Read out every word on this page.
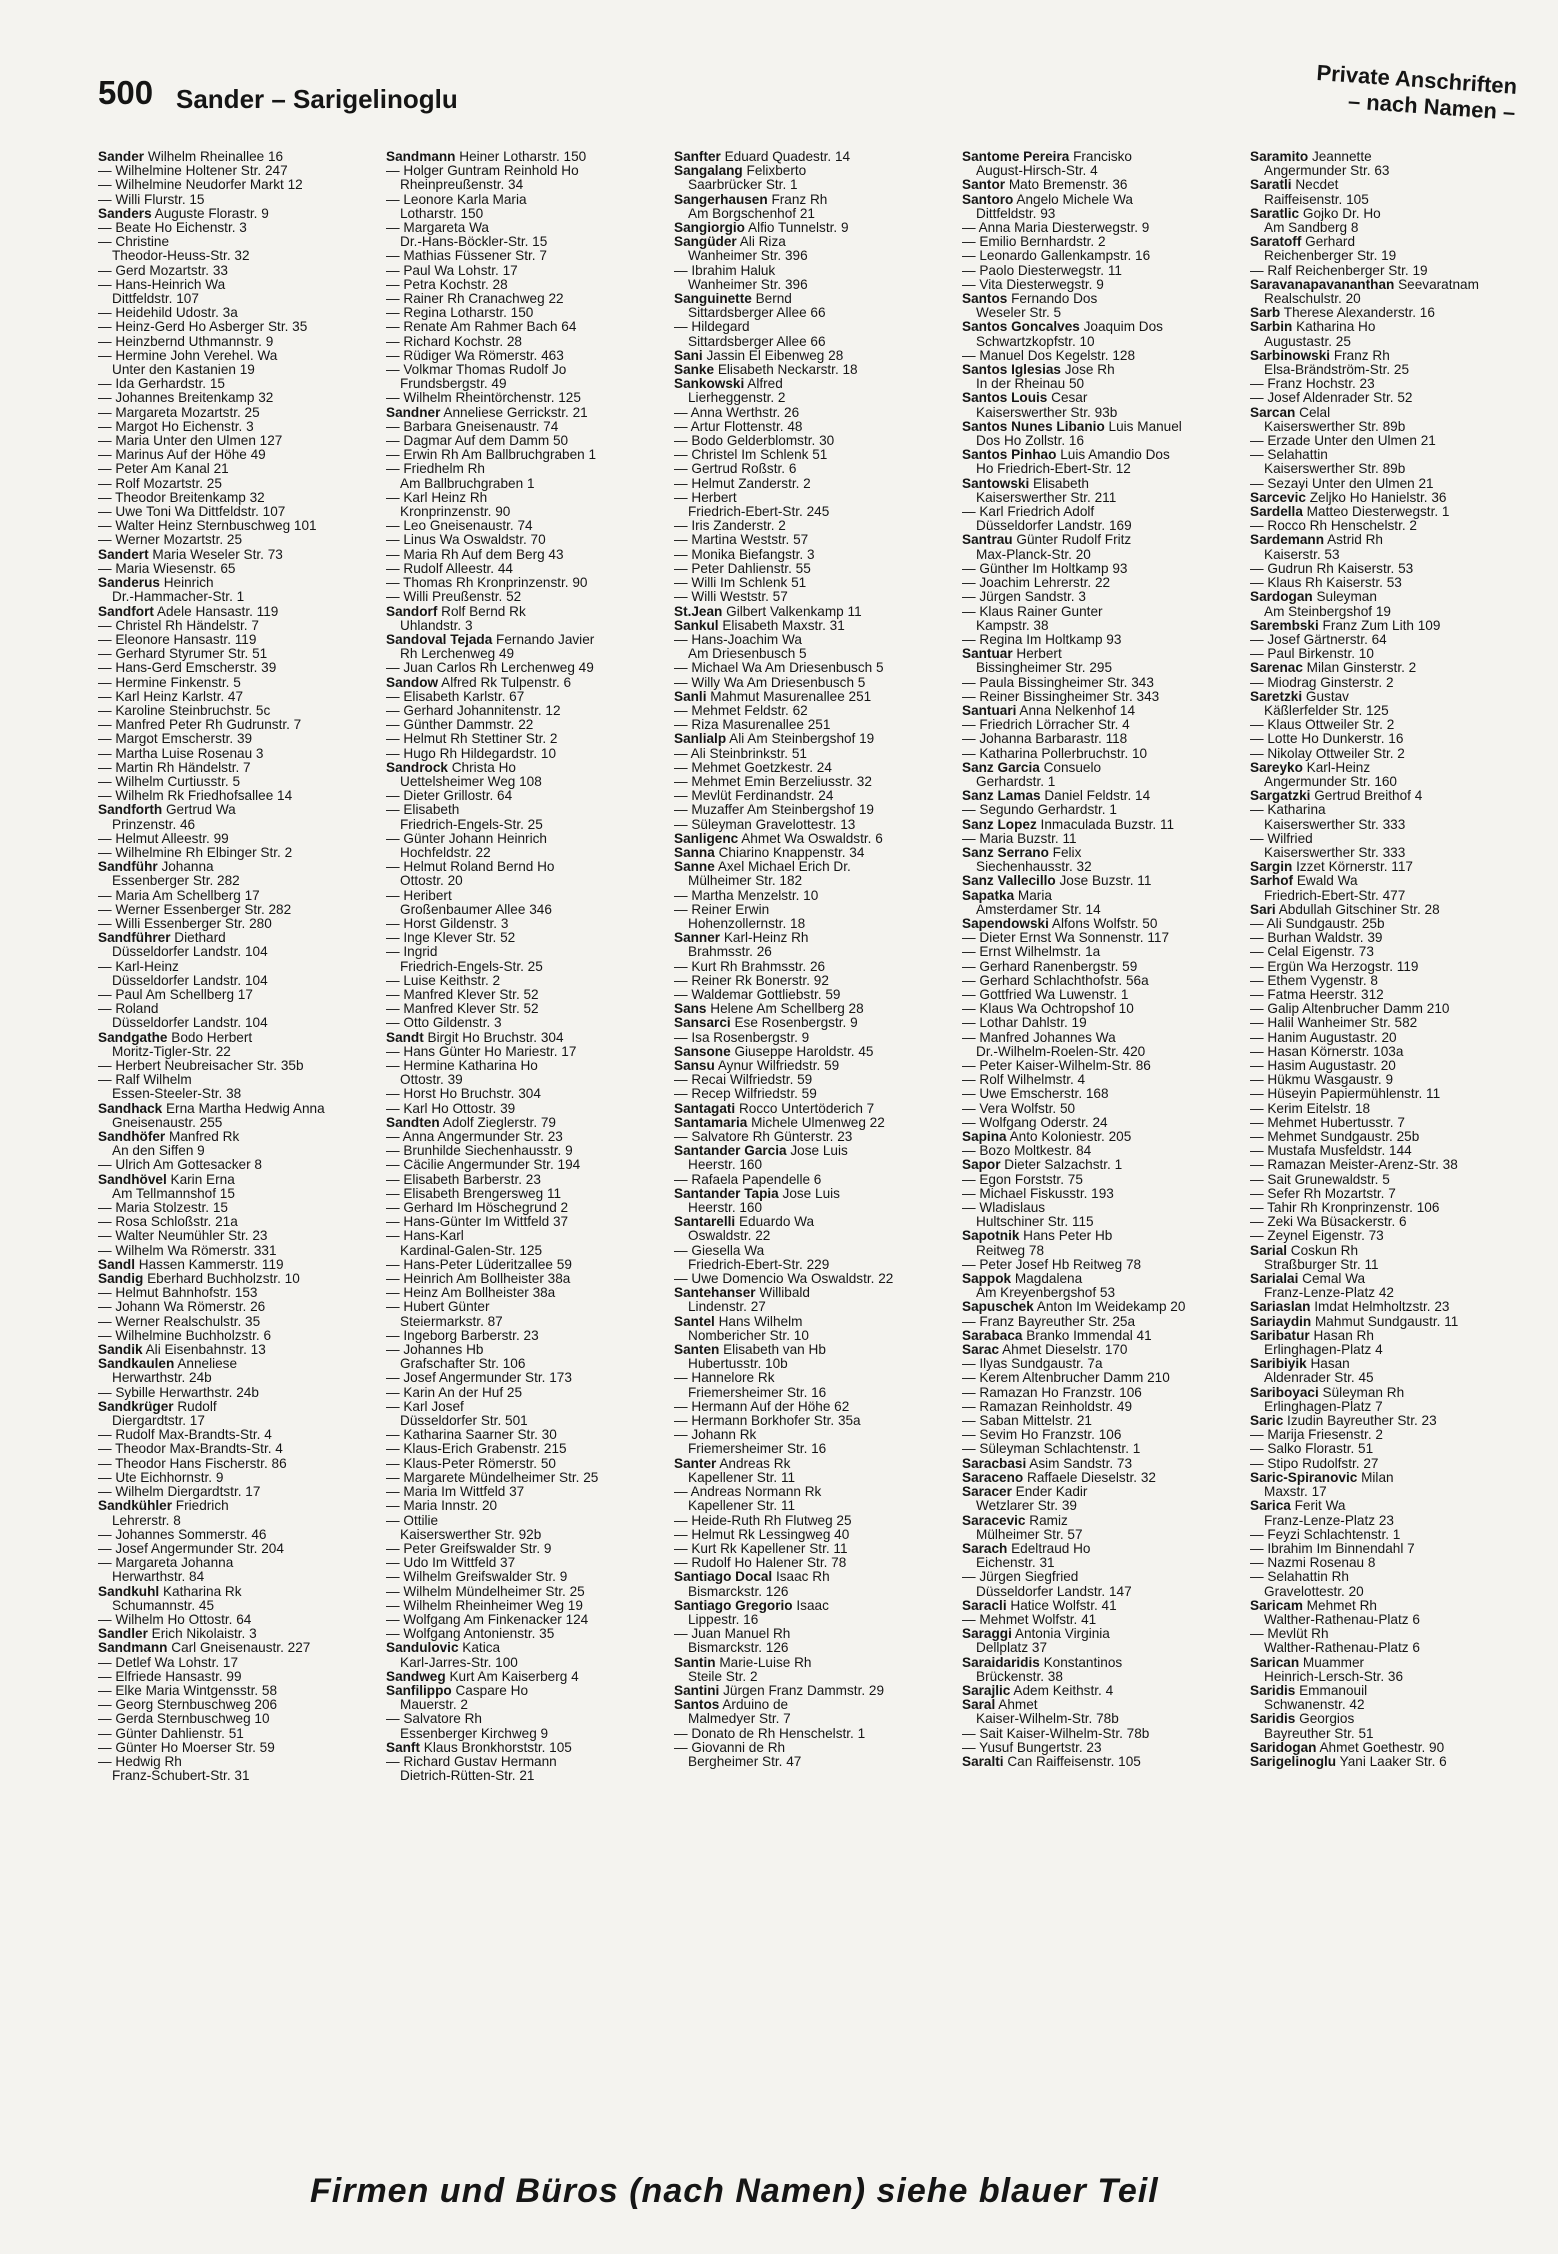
500 Sander – Sarigelinoglu
Private Anschriften
– nach Namen –
Sander Wilhelm Rheinallee 16
— Wilhelmine Holtener Str. 247
— Wilhelmine Neudorfer Markt 12
— Willi Flurstr. 15
Sanders Auguste Florastr. 9
— Beate Ho Eichenstr. 3
— Christine
Theodor-Heuss-Str. 32
— Gerd Mozartstr. 33
— Hans-Heinrich Wa
Dittfeldstr. 107
— Heidehild Udostr. 3a
— Heinz-Gerd Ho Asberger Str. 35
— Heinzbernd Uthmannstr. 9
— Hermine John Verehel. Wa
Unter den Kastanien 19
— Ida Gerhardstr. 15
— Johannes Breitenkamp 32
— Margareta Mozartstr. 25
— Margot Ho Eichenstr. 3
— Maria Unter den Ulmen 127
— Marinus Auf der Höhe 49
— Peter Am Kanal 21
— Rolf Mozartstr. 25
— Theodor Breitenkamp 32
— Uwe Toni Wa Dittfeldstr. 107
— Walter Heinz Sternbuschweg 101
— Werner Mozartstr. 25
Sandert Maria Weseler Str. 73
— Maria Wiesenstr. 65
Sanderus Heinrich
Dr.-Hammacher-Str. 1
Sandfort Adele Hansastr. 119
— Christel Rh Händelstr. 7
— Eleonore Hansastr. 119
— Gerhard Styrumer Str. 51
— Hans-Gerd Emscherstr. 39
— Hermine Finkenstr. 5
— Karl Heinz Karlstr. 47
— Karoline Steinbruchstr. 5c
— Manfred Peter Rh Gudrunstr. 7
— Margot Emscherstr. 39
— Martha Luise Rosenau 3
— Martin Rh Händelstr. 7
— Wilhelm Curtiusstr. 5
— Wilhelm Rk Friedhofsallee 14
Sandforth Gertrud Wa
Prinzenstr. 46
— Helmut Alleestr. 99
— Wilhelmine Rh Elbinger Str. 2
Sandführ Johanna
Essenberger Str. 282
— Maria Am Schellberg 17
— Werner Essenberger Str. 282
— Willi Essenberger Str. 280
Sandführer Diethard
Düsseldorfer Landstr. 104
— Karl-Heinz
Düsseldorfer Landstr. 104
— Paul Am Schellberg 17
— Roland
Düsseldorfer Landstr. 104
Sandgathe Bodo Herbert
Moritz-Tigler-Str. 22
— Herbert Neubreisacher Str. 35b
— Ralf Wilhelm
Essen-Steeler-Str. 38
Sandhack Erna Martha Hedwig Anna
Gneisenaustr. 255
Sandhöfer Manfred Rk
An den Siffen 9
— Ulrich Am Gottesacker 8
Sandhövel Karin Erna
Am Tellmannshof 15
— Maria Stolzestr. 15
— Rosa Schloßstr. 21a
— Walter Neumühler Str. 23
— Wilhelm Wa Römerstr. 331
Sandl Hassen Kammerstr. 119
Sandig Eberhard Buchholzstr. 10
— Helmut Bahnhofstr. 153
— Johann Wa Römerstr. 26
— Werner Realschulstr. 35
— Wilhelmine Buchholzstr. 6
Sandik Ali Eisenbahnstr. 13
Sandkaulen Anneliese
Herwarthstr. 24b
— Sybille Herwarthstr. 24b
Sandkrüger Rudolf
Diergardtstr. 17
— Rudolf Max-Brandts-Str. 4
— Theodor Max-Brandts-Str. 4
— Theodor Hans Fischerstr. 86
— Ute Eichhornstr. 9
— Wilhelm Diergardtstr. 17
Sandkühler Friedrich
Lehrerstr. 8
— Johannes Sommerstr. 46
— Josef Angermunder Str. 204
— Margareta Johanna
Herwarthstr. 84
Sandkuhl Katharina Rk
Schumannstr. 45
— Wilhelm Ho Ottostr. 64
Sandler Erich Nikolaistr. 3
Sandmann Carl Gneisenaustr. 227
— Detlef Wa Lohstr. 17
— Elfriede Hansastr. 99
— Elke Maria Wintgensstr. 58
— Georg Sternbuschweg 206
— Gerda Sternbuschweg 10
— Günter Dahlienstr. 51
— Günter Ho Moerser Str. 59
— Hedwig Rh
Franz-Schubert-Str. 31
Sandmann Heiner Lotharstr. 150
— Holger Guntram Reinhold Ho
Rheinpreußenstr. 34
— Leonore Karla Maria
Lotharstr. 150
— Margareta Wa
Dr.-Hans-Böckler-Str. 15
— Mathias Füssener Str. 7
— Paul Wa Lohstr. 17
— Petra Kochstr. 28
— Rainer Rh Cranachweg 22
— Regina Lotharstr. 150
— Renate Am Rahmer Bach 64
— Richard Kochstr. 28
— Rüdiger Wa Römerstr. 463
— Volkmar Thomas Rudolf Jo
Frundsbergstr. 49
— Wilhelm Rheintörchenstr. 125
Sandner Anneliese Gerrickstr. 21
— Barbara Gneisenaustr. 74
— Dagmar Auf dem Damm 50
— Erwin Rh Am Ballbruchgraben 1
— Friedhelm Rh
Am Ballbruchgraben 1
— Karl Heinz Rh
Kronprinzenstr. 90
— Leo Gneisenaustr. 74
— Linus Wa Oswaldstr. 70
— Maria Rh Auf dem Berg 43
— Rudolf Alleestr. 44
— Thomas Rh Kronprinzenstr. 90
— Willi Preußenstr. 52
Sandorf Rolf Bernd Rk
Uhlandstr. 3
Sandoval Tejada Fernando Javier
Rh Lerchenweg 49
— Juan Carlos Rh Lerchenweg 49
Sandow Alfred Rk Tulpenstr. 6
— Elisabeth Karlstr. 67
— Gerhard Johannitenstr. 12
— Günther Dammstr. 22
— Helmut Rh Stettiner Str. 2
— Hugo Rh Hildegardstr. 10
Sandrock Christa Ho
Uettelsheimer Weg 108
— Dieter Grillostr. 64
— Elisabeth
Friedrich-Engels-Str. 25
— Günter Johann Heinrich
Hochfeldstr. 22
— Helmut Roland Bernd Ho
Ottostr. 20
— Heribert
Großenbaumer Allee 346
— Horst Gildenstr. 3
— Inge Klever Str. 52
— Ingrid
Friedrich-Engels-Str. 25
— Luise Keithstr. 2
— Manfred Klever Str. 52
— Manfred Klever Str. 52
— Otto Gildenstr. 3
Sandt Birgit Ho Bruchstr. 304
— Hans Günter Ho Mariestr. 17
— Hermine Katharina Ho
Ottostr. 39
— Horst Ho Bruchstr. 304
— Karl Ho Ottostr. 39
Sandten Adolf Zieglerstr. 79
— Anna Angermunder Str. 23
— Brunhilde Siechenhausstr. 9
— Cäcilie Angermunder Str. 194
— Elisabeth Barberstr. 23
— Elisabeth Brengersweg 11
— Gerhard Im Höschegrund 2
— Hans-Günter Im Wittfeld 37
— Hans-Karl
Kardinal-Galen-Str. 125
— Hans-Peter Lüderitzallee 59
— Heinrich Am Bollheister 38a
— Heinz Am Bollheister 38a
— Hubert Günter
Steiermarkstr. 87
— Ingeborg Barberstr. 23
— Johannes Hb
Grafschafter Str. 106
— Josef Angermunder Str. 173
— Karin An der Huf 25
— Karl Josef
Düsseldorfer Str. 501
— Katharina Saarner Str. 30
— Klaus-Erich Grabenstr. 215
— Klaus-Peter Römerstr. 50
— Margarete Mündelheimer Str. 25
— Maria Im Wittfeld 37
— Maria Innstr. 20
— Ottilie
Kaiserswerther Str. 92b
— Peter Greifswalder Str. 9
— Udo Im Wittfeld 37
— Wilhelm Greifswalder Str. 9
— Wilhelm Mündelheimer Str. 25
— Wilhelm Rheinheimer Weg 19
— Wolfgang Am Finkenacker 124
— Wolfgang Antonienstr. 35
Sandulovic Katica
Karl-Jarres-Str. 100
Sandweg Kurt Am Kaiserberg 4
Sanfilippo Caspare Ho
Mauerstr. 2
— Salvatore Rh
Essenberger Kirchweg 9
Sanft Klaus Bronkhorststr. 105
— Richard Gustav Hermann
Dietrich-Rütten-Str. 21
Sanfter Eduard Quadestr. 14
Sangalang Felixberto
Saarbrücker Str. 1
Sangerhausen Franz Rh
Am Borgschenhof 21
Sangiorgio Alfio Tunnelstr. 9
Sangüder Ali Riza
Wanheimer Str. 396
— Ibrahim Haluk
Wanheimer Str. 396
Sanguinette Bernd
Sittardsberger Allee 66
— Hildegard
Sittardsberger Allee 66
Sani Jassin El Eibenweg 28
Sanke Elisabeth Neckarstr. 18
Sankowski Alfred
Lierheggenstr. 2
— Anna Werthstr. 26
— Artur Flottenstr. 48
— Bodo Gelderblomstr. 30
— Christel Im Schlenk 51
— Gertrud Roßstr. 6
— Helmut Zanderstr. 2
— Herbert
Friedrich-Ebert-Str. 245
— Iris Zanderstr. 2
— Martina Weststr. 57
— Monika Biefangstr. 3
— Peter Dahlienstr. 55
— Willi Im Schlenk 51
— Willi Weststr. 57
St.Jean Gilbert Valkenkamp 11
Sankul Elisabeth Maxstr. 31
— Hans-Joachim Wa
Am Driesenbusch 5
— Michael Wa Am Driesenbusch 5
— Willy Wa Am Driesenbusch 5
Sanli Mahmut Masurenallee 251
— Mehmet Feldstr. 62
— Riza Masurenallee 251
Sanlialp Ali Am Steinbergshof 19
— Ali Steinbrinkstr. 51
— Mehmet Goetzkestr. 24
— Mehmet Emin Berzeliusstr. 32
— Mevlüt Ferdinandstr. 24
— Muzaffer Am Steinbergshof 19
— Süleyman Gravelottestr. 13
Sanligenc Ahmet Wa Oswaldstr. 6
Sanna Chiarino Knappenstr. 34
Sanne Axel Michael Erich Dr.
Mülheimer Str. 182
— Martha Menzelstr. 10
— Reiner Erwin
Hohenzollernstr. 18
Sanner Karl-Heinz Rh
Brahmsstr. 26
— Kurt Rh Brahmsstr. 26
— Reiner Rk Bonerstr. 92
— Waldemar Gottliebstr. 59
Sans Helene Am Schellberg 28
Sansarci Ese Rosenbergstr. 9
— Isa Rosenbergstr. 9
Sansone Giuseppe Haroldstr. 45
Sansu Aynur Wilfriedstr. 59
— Recai Wilfriedstr. 59
— Recep Wilfriedstr. 59
Santagati Rocco Untertöderich 7
Santamaria Michele Ulmenweg 22
— Salvatore Rh Günterstr. 23
Santander Garcia Jose Luis
Heerstr. 160
— Rafaela Papendelle 6
Santander Tapia Jose Luis
Heerstr. 160
Santarelli Eduardo Wa
Oswaldstr. 22
— Giesella Wa
Friedrich-Ebert-Str. 229
— Uwe Domencio Wa Oswaldstr. 22
Santehanser Willibald
Lindenstr. 27
Santel Hans Wilhelm
Nombericher Str. 10
Santen Elisabeth van Hb
Hubertusstr. 10b
— Hannelore Rk
Friemersheimer Str. 16
— Hermann Auf der Höhe 62
— Hermann Borkhofer Str. 35a
— Johann Rk
Friemersheimer Str. 16
Santer Andreas Rk
Kapellener Str. 11
— Andreas Normann Rk
Kapellener Str. 11
— Heide-Ruth Rh Flutweg 25
— Helmut Rk Lessingweg 40
— Kurt Rk Kapellener Str. 11
— Rudolf Ho Halener Str. 78
Santiago Docal Isaac Rh
Bismarckstr. 126
Santiago Gregorio Isaac
Lippestr. 16
— Juan Manuel Rh
Bismarckstr. 126
Santin Marie-Luise Rh
Steile Str. 2
Santini Jürgen Franz Dammstr. 29
Santos Arduino de
Malmedyer Str. 7
— Donato de Rh Henschelstr. 1
— Giovanni de Rh
Bergheimer Str. 47
Santome Pereira Francisko
August-Hirsch-Str. 4
Santor Mato Bremenstr. 36
Santoro Angelo Michele Wa
Dittfeldstr. 93
— Anna Maria Diesterwegstr. 9
— Emilio Bernhardstr. 2
— Leonardo Gallenkampstr. 16
— Paolo Diesterwegstr. 11
— Vita Diesterwegstr. 9
Santos Fernando Dos
Weseler Str. 5
Santos Goncalves Joaquim Dos
Schwartzkopfstr. 10
— Manuel Dos Kegelstr. 128
Santos Iglesias Jose Rh
In der Rheinau 50
Santos Louis Cesar
Kaiserswerther Str. 93b
Santos Nunes Libanio Luis Manuel
Dos Ho Zollstr. 16
Santos Pinhao Luis Amandio Dos
Ho Friedrich-Ebert-Str. 12
Santowski Elisabeth
Kaiserswerther Str. 211
— Karl Friedrich Adolf
Düsseldorfer Landstr. 169
Santrau Günter Rudolf Fritz
Max-Planck-Str. 20
— Günther Im Holtkamp 93
— Joachim Lehrerstr. 22
— Jürgen Sandstr. 3
— Klaus Rainer Gunter
Kampstr. 38
— Regina Im Holtkamp 93
Santuar Herbert
Bissingheimer Str. 295
— Paula Bissingheimer Str. 343
— Reiner Bissingheimer Str. 343
Santuari Anna Nelkenhof 14
— Friedrich Lörracher Str. 4
— Johanna Barbarastr. 118
— Katharina Pollerbruchstr. 10
Sanz Garcia Consuelo
Gerhardstr. 1
Sanz Lamas Daniel Feldstr. 14
— Segundo Gerhardstr. 1
Sanz Lopez Inmaculada Buzstr. 11
— Maria Buzstr. 11
Sanz Serrano Felix
Siechenhausstr. 32
Sanz Vallecillo Jose Buzstr. 11
Sapatka Maria
Amsterdamer Str. 14
Sapendowski Alfons Wolfstr. 50
— Dieter Ernst Wa Sonnenstr. 117
— Ernst Wilhelmstr. 1a
— Gerhard Ranenbergstr. 59
— Gerhard Schlachthofstr. 56a
— Gottfried Wa Luwenstr. 1
— Klaus Wa Ochtropshof 10
— Lothar Dahlstr. 19
— Manfred Johannes Wa
Dr.-Wilhelm-Roelen-Str. 420
— Peter Kaiser-Wilhelm-Str. 86
— Rolf Wilhelmstr. 4
— Uwe Emscherstr. 168
— Vera Wolfstr. 50
— Wolfgang Oderstr. 24
Sapina Anto Koloniestr. 205
— Bozo Moltkestr. 84
Sapor Dieter Salzachstr. 1
— Egon Forststr. 75
— Michael Fiskusstr. 193
— Wladislaus
Hultschiner Str. 115
Sapotnik Hans Peter Hb
Reitweg 78
— Peter Josef Hb Reitweg 78
Sappok Magdalena
Am Kreyenbergshof 53
Sapuschek Anton Im Weidekamp 20
— Franz Bayreuther Str. 25a
Sarabaca Branko Immendal 41
Sarac Ahmet Dieselstr. 170
— Ilyas Sundgaustr. 7a
— Kerem Altenbrucher Damm 210
— Ramazan Ho Franzstr. 106
— Ramazan Reinholdstr. 49
— Saban Mittelstr. 21
— Sevim Ho Franzstr. 106
— Süleyman Schlachtenstr. 1
Saracbasi Asim Sandstr. 73
Saraceno Raffaele Dieselstr. 32
Saracer Ender Kadir
Wetzlarer Str. 39
Saracevic Ramiz
Mülheimer Str. 57
Sarach Edeltraud Ho
Eichenstr. 31
— Jürgen Siegfried
Düsseldorfer Landstr. 147
Saracli Hatice Wolfstr. 41
— Mehmet Wolfstr. 41
Saraggi Antonia Virginia
Dellplatz 37
Saraidaridis Konstantinos
Brückenstr. 38
Sarajlic Adem Keithstr. 4
Saral Ahmet
Kaiser-Wilhelm-Str. 78b
— Sait Kaiser-Wilhelm-Str. 78b
— Yusuf Bungertstr. 23
Saralti Can Raiffeisenstr. 105
Saramito Jeannette
Angermunder Str. 63
Saratli Necdet
Raiffeisenstr. 105
Saratlic Gojko Dr. Ho
Am Sandberg 8
Saratoff Gerhard
Reichenberger Str. 19
— Ralf Reichenberger Str. 19
Saravanapavananthan Seevaratnam
Realschulstr. 20
Sarb Therese Alexanderstr. 16
Sarbin Katharina Ho
Augustastr. 25
Sarbinowski Franz Rh
Elsa-Brändström-Str. 25
— Franz Hochstr. 23
— Josef Aldenrader Str. 52
Sarcan Celal
Kaiserswerther Str. 89b
— Erzade Unter den Ulmen 21
— Selahattin
Kaiserswerther Str. 89b
— Sezayi Unter den Ulmen 21
Sarcevic Zeljko Ho Hanielstr. 36
Sardella Matteo Diesterwegstr. 1
— Rocco Rh Henschelstr. 2
Sardemann Astrid Rh
Kaiserstr. 53
— Gudrun Rh Kaiserstr. 53
— Klaus Rh Kaiserstr. 53
Sardogan Suleyman
Am Steinbergshof 19
Sarembski Franz Zum Lith 109
— Josef Gärtnerstr. 64
— Paul Birkenstr. 10
Sarenac Milan Ginsterstr. 2
— Miodrag Ginsterstr. 2
Saretzki Gustav
Käßlerfelder Str. 125
— Klaus Ottweiler Str. 2
— Lotte Ho Dunkerstr. 16
— Nikolay Ottweiler Str. 2
Sareyko Karl-Heinz
Angermunder Str. 160
Sargatzki Gertrud Breithof 4
— Katharina
Kaiserswerther Str. 333
— Wilfried
Kaiserswerther Str. 333
Sargin Izzet Körnerstr. 117
Sarhof Ewald Wa
Friedrich-Ebert-Str. 477
Sari Abdullah Gitschiner Str. 28
— Ali Sundgaustr. 25b
— Burhan Waldstr. 39
— Celal Eigenstr. 73
— Ergün Wa Herzogstr. 119
— Ethem Vygenstr. 8
— Fatma Heerstr. 312
— Galip Altenbrucher Damm 210
— Halil Wanheimer Str. 582
— Hanim Augustastr. 20
— Hasan Körnerstr. 103a
— Hasim Augustastr. 20
— Hükmu Wasgaustr. 9
— Hüseyin Papiermühlenstr. 11
— Kerim Eitelstr. 18
— Mehmet Hubertusstr. 7
— Mehmet Sundgaustr. 25b
— Mustafa Musfeldstr. 144
— Ramazan Meister-Arenz-Str. 38
— Sait Grunewaldstr. 5
— Sefer Rh Mozartstr. 7
— Tahir Rh Kronprinzenstr. 106
— Zeki Wa Büsackerstr. 6
— Zeynel Eigenstr. 73
Sarial Coskun Rh
Straßburger Str. 11
Sarialai Cemal Wa
Franz-Lenze-Platz 42
Sariaslan Imdat Helmholtzstr. 23
Sariaydin Mahmut Sundgaustr. 11
Saribatur Hasan Rh
Erlinghagen-Platz 4
Saribiyik Hasan
Aldenrader Str. 45
Sariboyaci Süleyman Rh
Erlinghagen-Platz 7
Saric Izudin Bayreuther Str. 23
— Marija Friesenstr. 2
— Salko Florastr. 51
— Stipo Rudolfstr. 27
Saric-Spiranovic Milan
Maxstr. 17
Sarica Ferit Wa
Franz-Lenze-Platz 23
— Feyzi Schlachtenstr. 1
— Ibrahim Im Binnendahl 7
— Nazmi Rosenau 8
— Selahattin Rh
Gravelottestr. 20
Saricam Mehmet Rh
Walther-Rathenau-Platz 6
— Mevlüt Rh
Walther-Rathenau-Platz 6
Sarican Muammer
Heinrich-Lersch-Str. 36
Saridis Emmanouil
Schwanenstr. 42
Saridis Georgios
Bayreuther Str. 51
Saridogan Ahmet Goethestr. 90
Sarigelinoglu Yani Laaker Str. 6
Firmen und Büros (nach Namen) siehe blauer Teil
